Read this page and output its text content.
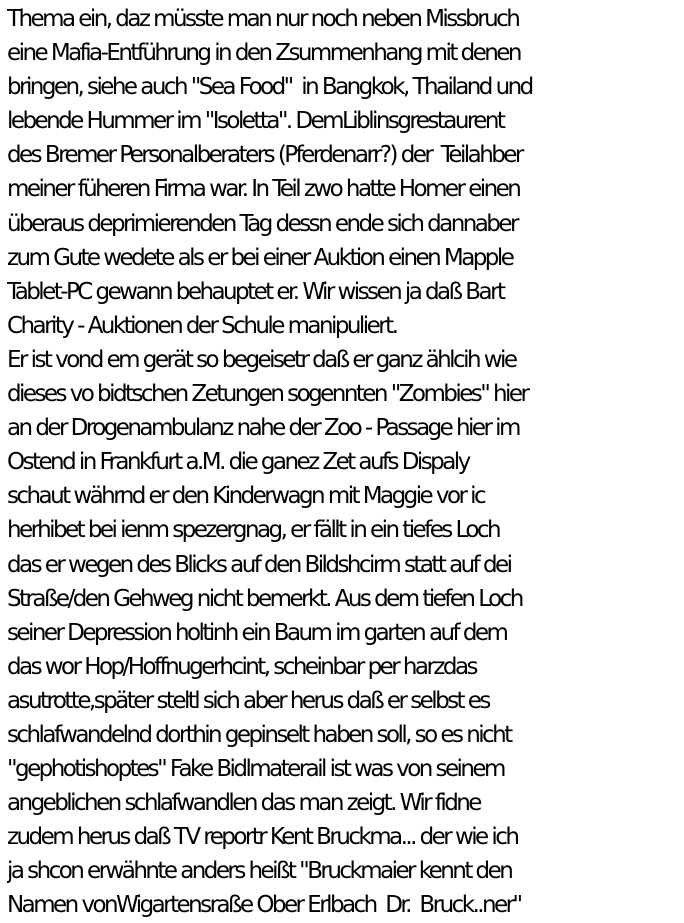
Thema ein, daz müsste man nur noch neben Missbruch
eine Mafia-Entführung in den Zsummenhang mit denen
bringen, siehe auch "Sea Food"  in Bangkok, Thailand und
lebende Hummer im "Isoletta". DemLiblinsgrestaurent
des Bremer Personalberaters (Pferdenarr?) der  Teilahber
meiner füheren Firma war. In Teil zwo hatte Homer einen
überaus deprimierenden Tag dessn ende sich dannaber
zum Gute wedete als er bei einer Auktion einen Mapple
Tablet-PC gewann behauptet er. Wir wissen ja daß Bart
Charity - Auktionen der Schule manipuliert.
Er ist vond em gerät so begeisetr daß er ganz ählcih wie
dieses vo bidtschen Zetungen sogennten "Zombies" hier
an der Drogenambulanz nahe der Zoo - Passage hier im
Ostend in Frankfurt a.M. die ganez Zet aufs Dispaly
schaut währnd er den Kinderwagn mit Maggie vor ic
herhibet bei ienm spezergnag, er fällt in ein tiefes Loch
das er wegen des Blicks auf den Bildshcirm statt auf dei
Straße/den Gehweg nicht bemerkt. Aus dem tiefen Loch
seiner Depression holtinh ein Baum im garten auf dem
das wor Hop/Hoffnugerhcint, scheinbar per harzdas
asutrotte,später steltl sich aber herus daß er selbst es
schlafwandelnd dorthin gepinselt haben soll, so es nicht
"gephotishoptes" Fake Bidlmaterail ist was von seinem
angeblichen schlafwandlen das man zeigt. Wir fidne
zudem herus daß TV reportr Kent Bruckma... der wie ich
ja shcon erwähnte anders heißt "Bruckmaier kennt den
Namen vonWigartensraße Ober Erlbach  Dr.  Bruck..ner"
